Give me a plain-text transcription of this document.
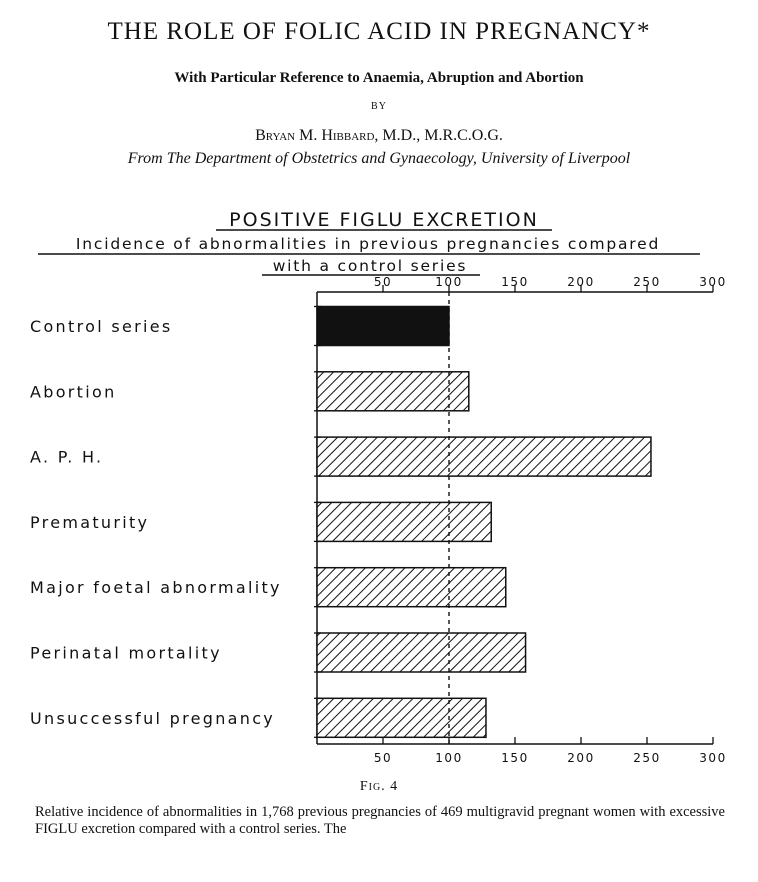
THE ROLE OF FOLIC ACID IN PREGNANCY*
With Particular Reference to Anaemia, Abruption and Abortion
BY
Bryan M. Hibbard, M.D., M.R.C.O.G.
From The Department of Obstetrics and Gynaecology, University of Liverpool
POSITIVE FIGLU EXCRETION
Incidence of abnormalities in previous pregnancies compared
with a control series
50
50
100
100
150
150
200
200
250
250
300
300
Control series
Abortion
A. P. H.
Prematurity
Major foetal abnormality
Perinatal mortality
Unsuccessful pregnancy
Fig. 4
Relative incidence of abnormalities in 1,768 previous pregnancies of 469 multigravid pregnant women with excessive FIGLU excretion compared with a control series. The
